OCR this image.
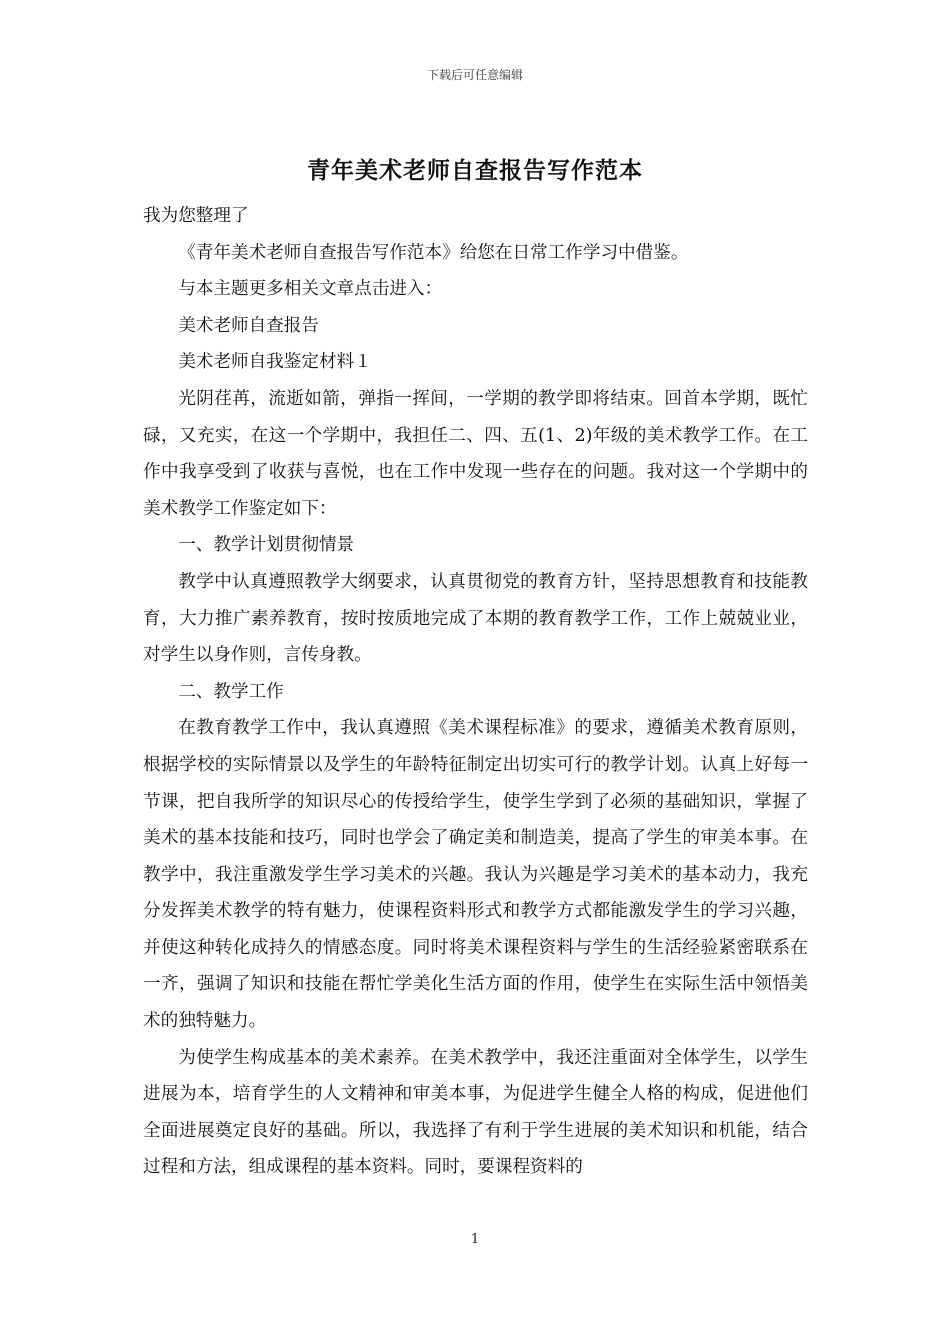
下载后可任意编辑
青年美术老师自查报告写作范本

我为您整理了

《青年美术老师自查报告写作范本》给您在日常工作学习中借鉴。

与本主题更多相关文章点击进入：

美术老师自查报告

美术老师自我鉴定材料１

光阴荏苒，流逝如箭，弹指一挥间，一学期的教学即将结束。回首本学期，既忙碌，又充实，在这一个学期中，我担任二、四、五(1、2)年级的美术教学工作。在工作中我享受到了收获与喜悦，也在工作中发现一些存在的问题。我对这一个学期中的美术教学工作鉴定如下：

一、教学计划贯彻情景

教学中认真遵照教学大纲要求，认真贯彻党的教育方针，坚持思想教育和技能教育，大力推广素养教育，按时按质地完成了本期的教育教学工作，工作上兢兢业业，对学生以身作则，言传身教。

二、教学工作

在教育教学工作中，我认真遵照《美术课程标准》的要求，遵循美术教育原则，根据学校的实际情景以及学生的年龄特征制定出切实可行的教学计划。认真上好每一节课，把自我所学的知识尽心的传授给学生，使学生学到了必须的基础知识，掌握了美术的基本技能和技巧，同时也学会了确定美和制造美，提高了学生的审美本事。在教学中，我注重激发学生学习美术的兴趣。我认为兴趣是学习美术的基本动力，我充分发挥美术教学的特有魅力，使课程资料形式和教学方式都能激发学生的学习兴趣，并使这种转化成持久的情感态度。同时将美术课程资料与学生的生活经验紧密联系在一齐，强调了知识和技能在帮忙学美化生活方面的作用，使学生在实际生活中领悟美术的独特魅力。

为使学生构成基本的美术素养。在美术教学中，我还注重面对全体学生，以学生进展为本，培育学生的人文精神和审美本事，为促进学生健全人格的构成，促进他们全面进展奠定良好的基础。所以，我选择了有利于学生进展的美术知识和机能，结合过程和方法，组成课程的基本资料。同时，要课程资料的

1
